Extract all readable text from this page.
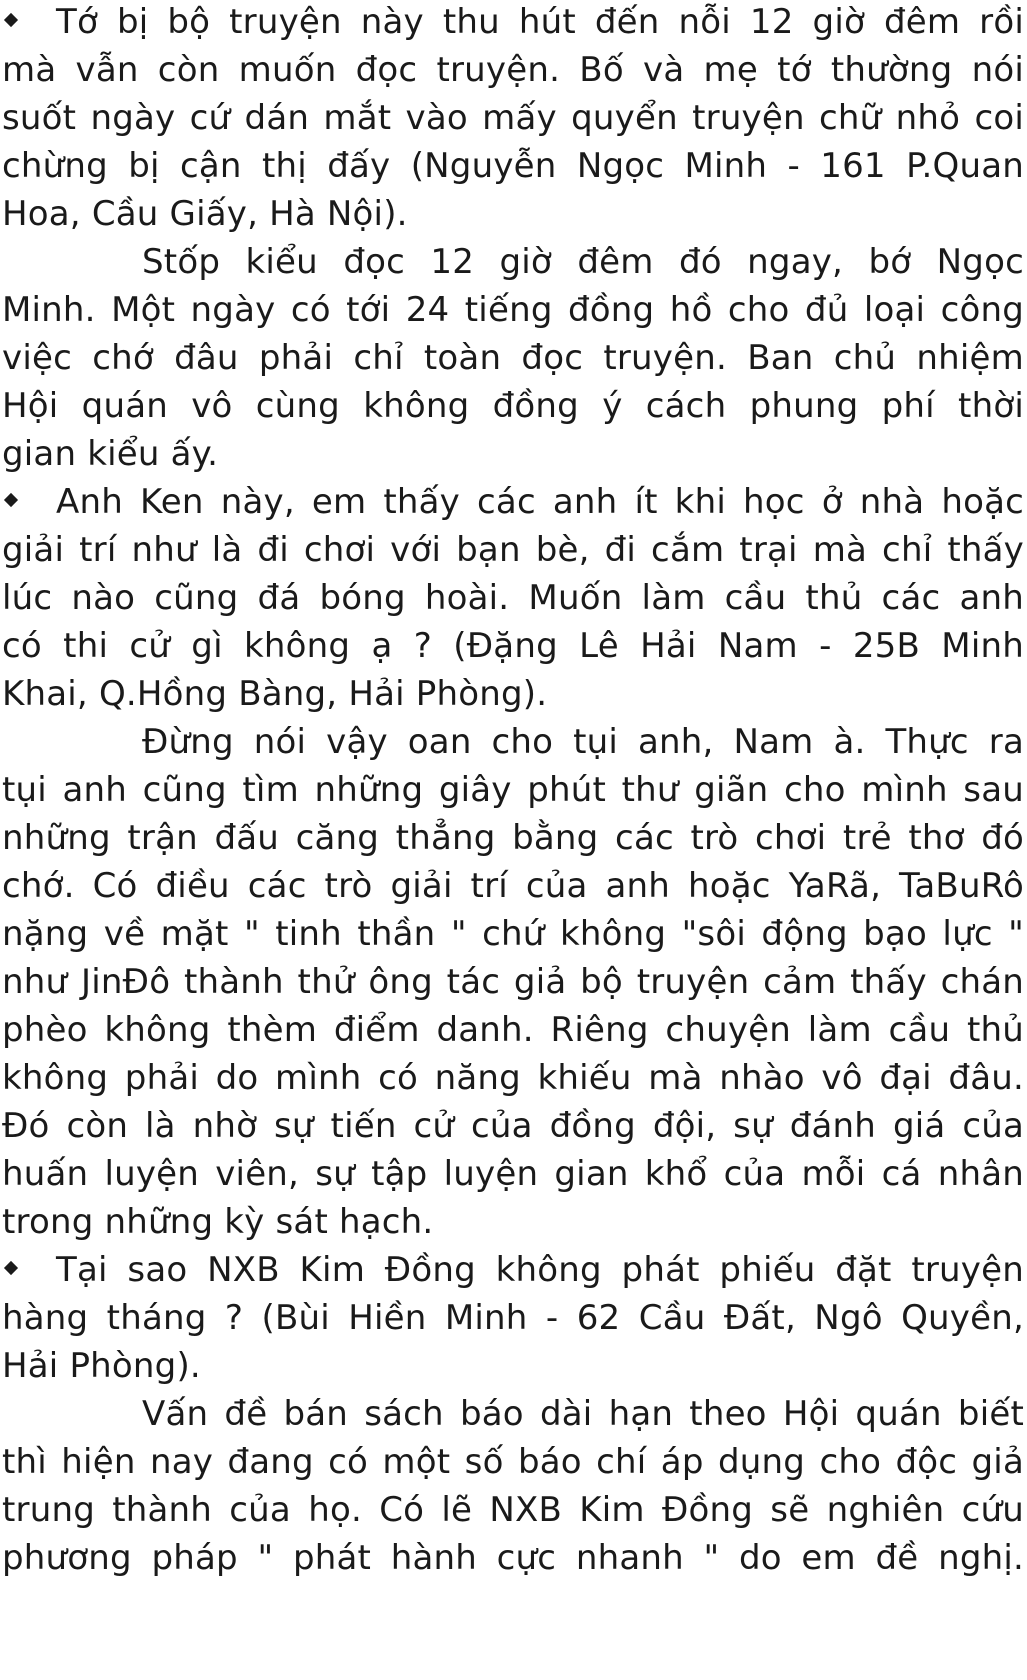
Tớ bị bộ truyện này thu hút đến nỗi 12 giờ đêm rồi
mà vẫn còn muốn đọc truyện. Bố và mẹ tớ thường nói
suốt ngày cứ dán mắt vào mấy quyển truyện chữ nhỏ coi
chừng bị cận thị đấy (Nguyễn Ngọc Minh - 161 P.Quan
Hoa, Cầu Giấy, Hà Nội).
Stốp kiểu đọc 12 giờ đêm đó ngay, bớ Ngọc
Minh. Một ngày có tới 24 tiếng đồng hồ cho đủ loại công
việc chớ đâu phải chỉ toàn đọc truyện. Ban chủ nhiệm
Hội quán vô cùng không đồng ý cách phung phí thời
gian kiểu ấy.
Anh Ken này, em thấy các anh ít khi học ở nhà hoặc
giải trí như là đi chơi với bạn bè, đi cắm trại mà chỉ thấy
lúc nào cũng đá bóng hoài. Muốn làm cầu thủ các anh
có thi cử gì không ạ ? (Đặng Lê Hải Nam - 25B Minh
Khai, Q.Hồng Bàng, Hải Phòng).
Đừng nói vậy oan cho tụi anh, Nam à. Thực ra
tụi anh cũng tìm những giây phút thư giãn cho mình sau
những trận đấu căng thẳng bằng các trò chơi trẻ thơ đó
chớ. Có điều các trò giải trí của anh hoặc YaRã, TaBuRô
nặng về mặt " tinh thần " chứ không "sôi động bạo lực "
như JinĐô thành thử ông tác giả bộ truyện cảm thấy chán
phèo không thèm điểm danh. Riêng chuyện làm cầu thủ
không phải do mình có năng khiếu mà nhào vô đại đâu.
Đó còn là nhờ sự tiến cử của đồng đội, sự đánh giá của
huấn luyện viên, sự tập luyện gian khổ của mỗi cá nhân
trong những kỳ sát hạch.
Tại sao NXB Kim Đồng không phát phiếu đặt truyện
hàng tháng ? (Bùi Hiền Minh - 62 Cầu Đất, Ngô Quyền,
Hải Phòng).
Vấn đề bán sách báo dài hạn theo Hội quán biết
thì hiện nay đang có một số báo chí áp dụng cho độc giả
trung thành của họ. Có lẽ NXB Kim Đồng sẽ nghiên cứu
phương pháp " phát hành cực nhanh " do em đề nghị.
